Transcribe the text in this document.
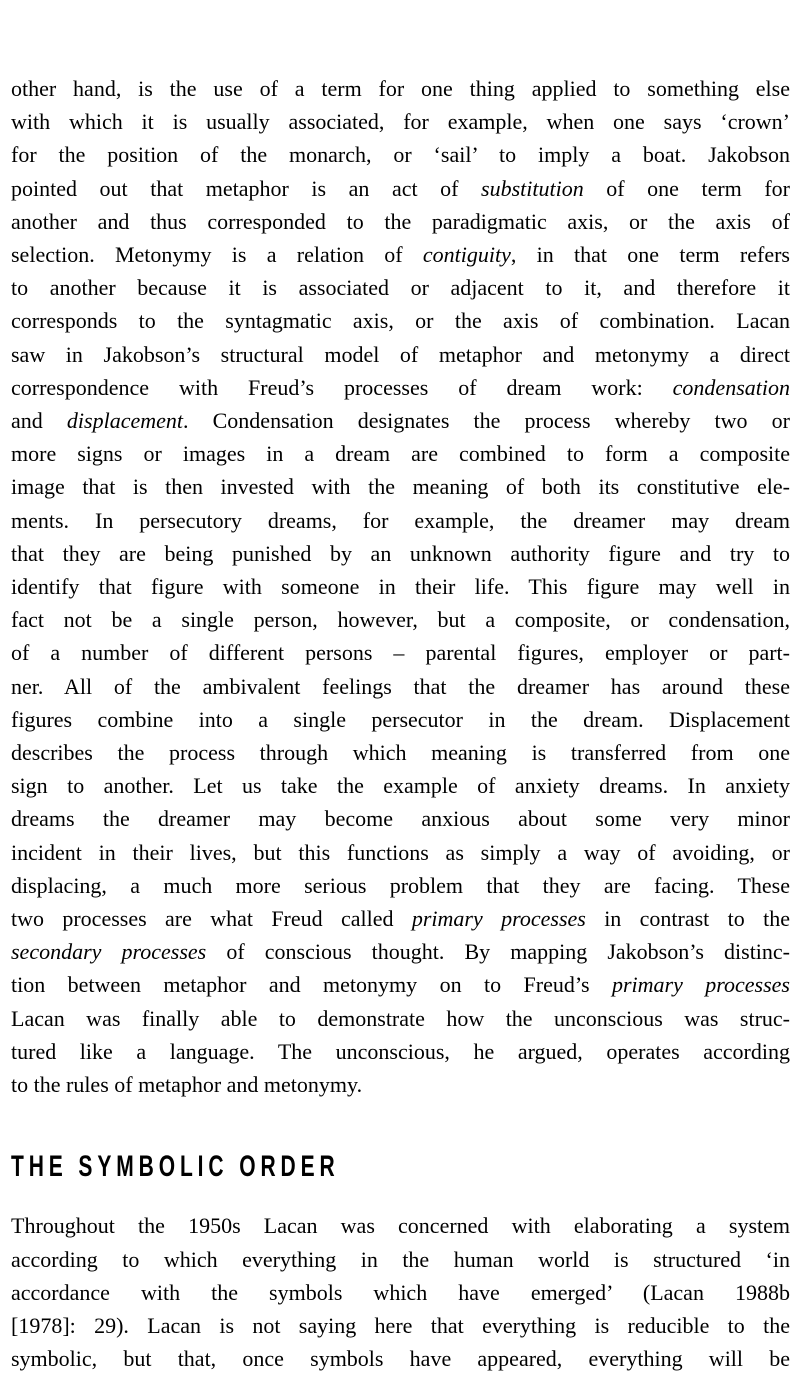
other hand, is the use of a term for one thing applied to something else
with which it is usually associated, for example, when one says ‘crown’
for the position of the monarch, or ‘sail’ to imply a boat. Jakobson
pointed out that metaphor is an act of substitution of one term for
another and thus corresponded to the paradigmatic axis, or the axis of
selection. Metonymy is a relation of contiguity, in that one term refers
to another because it is associated or adjacent to it, and therefore it
corresponds to the syntagmatic axis, or the axis of combination. Lacan
saw in Jakobson’s structural model of metaphor and metonymy a direct
correspondence with Freud’s processes of dream work: condensation
and displacement. Condensation designates the process whereby two or
more signs or images in a dream are combined to form a composite
image that is then invested with the meaning of both its constitutive ele-
ments. In persecutory dreams, for example, the dreamer may dream
that they are being punished by an unknown authority figure and try to
identify that figure with someone in their life. This figure may well in
fact not be a single person, however, but a composite, or condensation,
of a number of different persons – parental figures, employer or part-
ner. All of the ambivalent feelings that the dreamer has around these
figures combine into a single persecutor in the dream. Displacement
describes the process through which meaning is transferred from one
sign to another. Let us take the example of anxiety dreams. In anxiety
dreams the dreamer may become anxious about some very minor
incident in their lives, but this functions as simply a way of avoiding, or
displacing, a much more serious problem that they are facing. These
two processes are what Freud called primary processes in contrast to the
secondary processes of conscious thought. By mapping Jakobson’s distinc-
tion between metaphor and metonymy on to Freud’s primary processes
Lacan was finally able to demonstrate how the unconscious was struc-
tured like a language. The unconscious, he argued, operates according
to the rules of metaphor and metonymy.
THE SYMBOLIC ORDER
Throughout the 1950s Lacan was concerned with elaborating a system
according to which everything in the human world is structured ‘in
accordance with the symbols which have emerged’ (Lacan 1988b
[1978]: 29). Lacan is not saying here that everything is reducible to the
symbolic, but that, once symbols have appeared, everything will be
